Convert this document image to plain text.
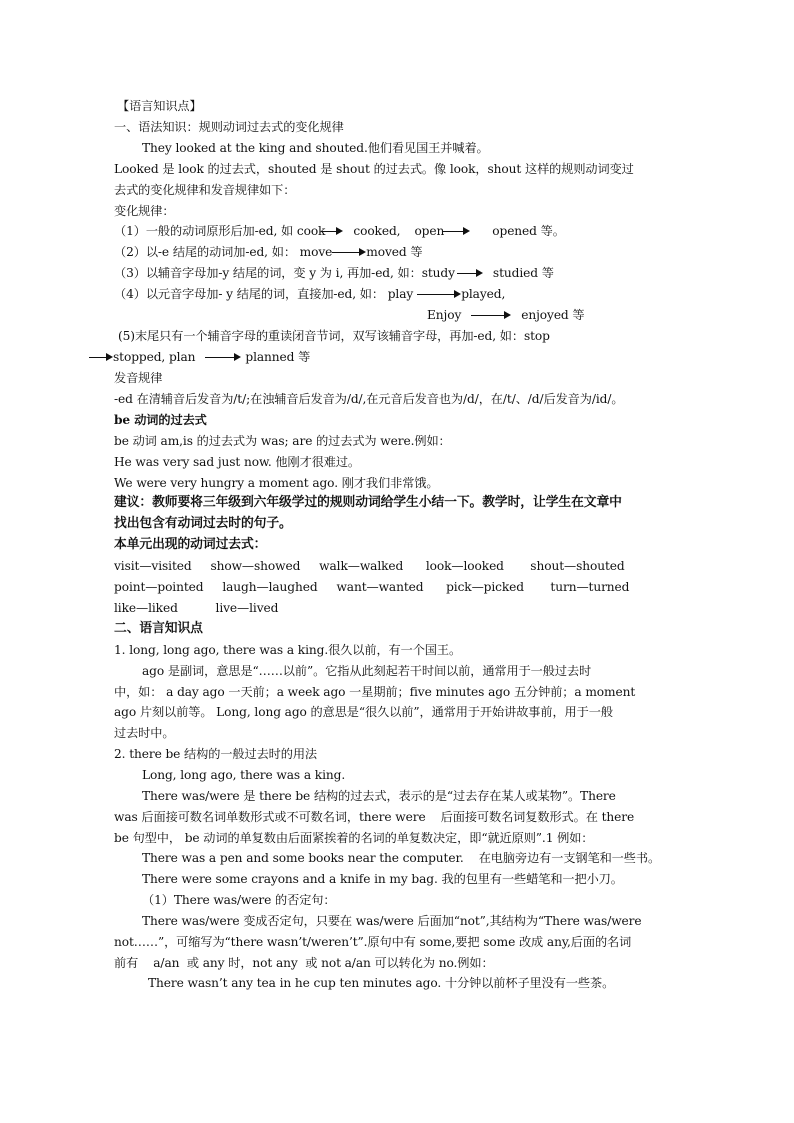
【语言知识点】
一、语法知识：规则动词过去式的变化规律
They looked at the king and shouted.他们看见国王并喊着。
Looked 是 look 的过去式，shouted 是 shout 的过去式。像 look，shout 这样的规则动词变过
去式的变化规律和发音规律如下：
变化规律：
（1）一般的动词原形后加-ed, 如 cook cooked, open	opened 等。
（2）以-e 结尾的动词加-ed, 如： move	moved 等
（3）以辅音字母加-y 结尾的词，变 y 为 i, 再加-ed, 如：study	studied 等
（4）以元音字母加- y 结尾的词，直接加-ed, 如： play	played,
Enjoy	enjoyed 等
(5)末尾只有一个辅音字母的重读闭音节词，双写该辅音字母，再加-ed, 如：stop
stopped, plan	planned 等
发音规律
-ed 在清辅音后发音为/t/;在浊辅音后发音为/d/,在元音后发音也为/d/，在/t/、/d/后发音为/id/。
be 动词的过去式
be 动词 am,is 的过去式为 was; are 的过去式为 were.例如：
He was very sad just now. 他刚才很难过。
We were very hungry a moment ago. 刚才我们非常饿。
建议：教师要将三年级到六年级学过的规则动词给学生小结一下。教学时，让学生在文章中
找出包含有动词过去时的句子。
本单元出现的动词过去式：
visit—visited     show—showed     walk—walked      look—looked       shout—shouted
point—pointed     laugh—laughed     want—wanted      pick—picked       turn—turned
like—liked          live—lived
二、语言知识点
1. long, long ago, there was a king.很久以前，有一个国王。
ago 是副词，意思是“……以前”。它指从此刻起若干时间以前，通常用于一般过去时
中，如： a day ago 一天前；a week ago 一星期前；five minutes ago 五分钟前；a moment
ago 片刻以前等。 Long, long ago 的意思是“很久以前”，通常用于开始讲故事前，用于一般
过去时中。
2. there be 结构的一般过去时的用法
Long, long ago, there was a king.
There was/were 是 there be 结构的过去式，表示的是“过去存在某人或某物”。There
was 后面接可数名词单数形式或不可数名词，there were    后面接可数名词复数形式。在 there
be 句型中， be 动词的单复数由后面紧挨着的名词的单复数决定，即“就近原则”.1 例如：
There was a pen and some books near the computer.    在电脑旁边有一支钢笔和一些书。
There were some crayons and a knife in my bag. 我的包里有一些蜡笔和一把小刀。
（1）There was/were 的否定句：
There was/were 变成否定句，只要在 was/were 后面加“not”,其结构为“There was/were
not……”，可缩写为“there wasn’t/weren’t”.原句中有 some,要把 some 改成 any,后面的名词
前有    a/an  或 any 时，not any  或 not a/an 可以转化为 no.例如：
There wasn’t any tea in he cup ten minutes ago. 十分钟以前杯子里没有一些茶。
